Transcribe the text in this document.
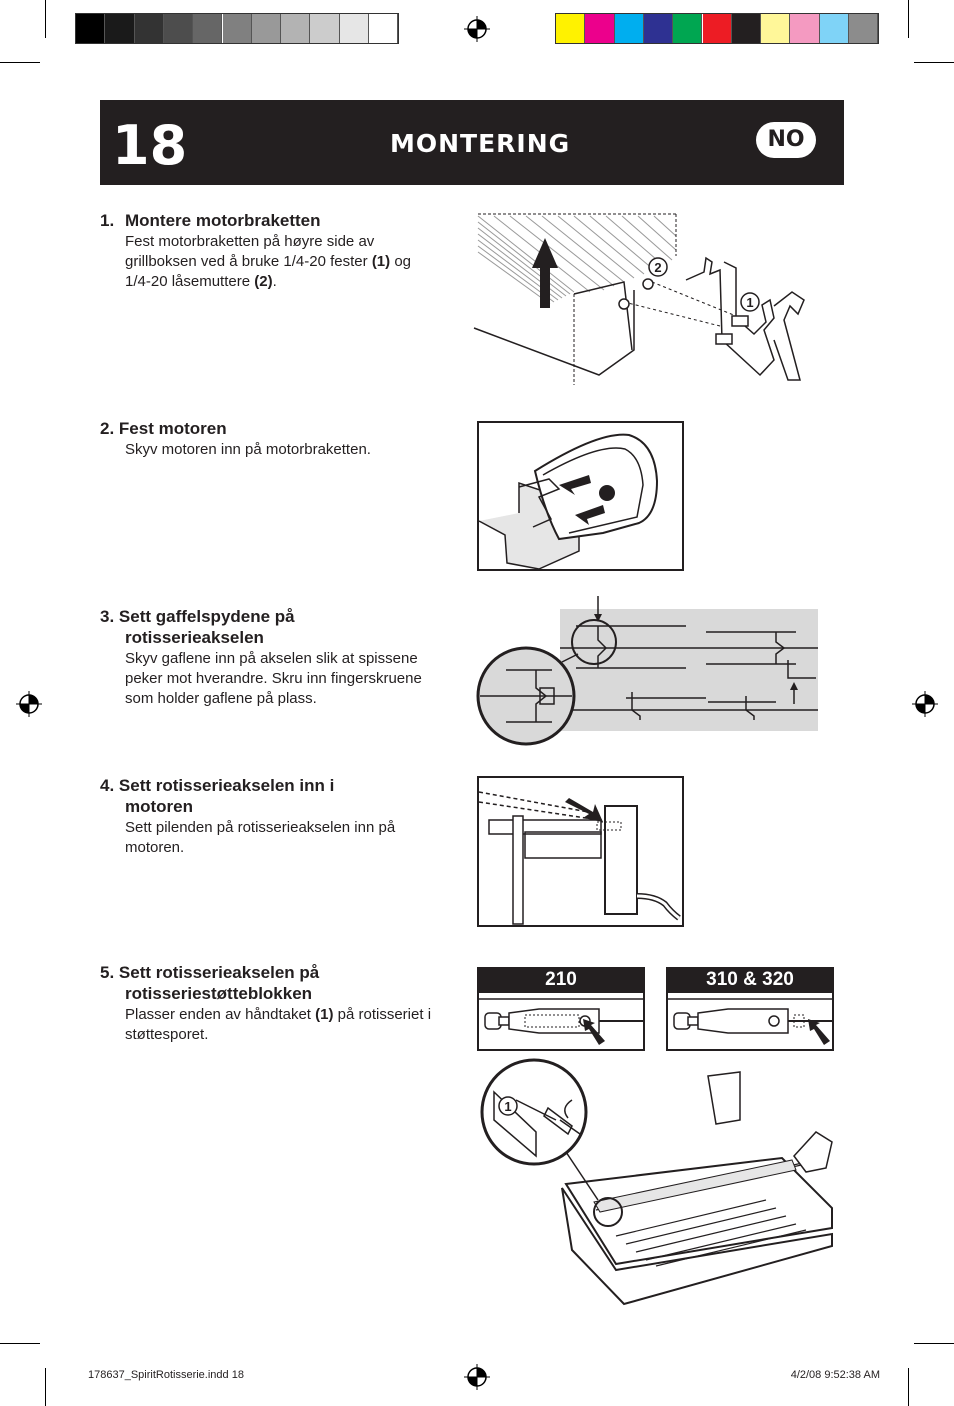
18	MONTERING	NO
1. Montere motorbraketten
Fest motorbraketten på høyre side av grillboksen ved å bruke 1/4-20 fester (1) og 1/4-20 låsemuttere (2).
2. Fest motoren
Skyv motoren inn på motorbraketten.
3. Sett gaffelspydene på
rotisserieakselen
Skyv gaflene inn på akselen slik at spissene peker mot hverandre. Skru inn fingerskruene som holder gaflene på plass.
4. Sett rotisserieakselen inn i
motoren
Sett pilenden på rotisserieakselen inn på motoren.
5. Sett rotisserieakselen på
rotisseriestøtteblokken
Plasser enden av håndtaket (1) på rotisseriet i støttesporet.
2
1
210	310 & 320
1
178637_SpiritRotisserie.indd 18	4/2/08 9:52:38 AM
